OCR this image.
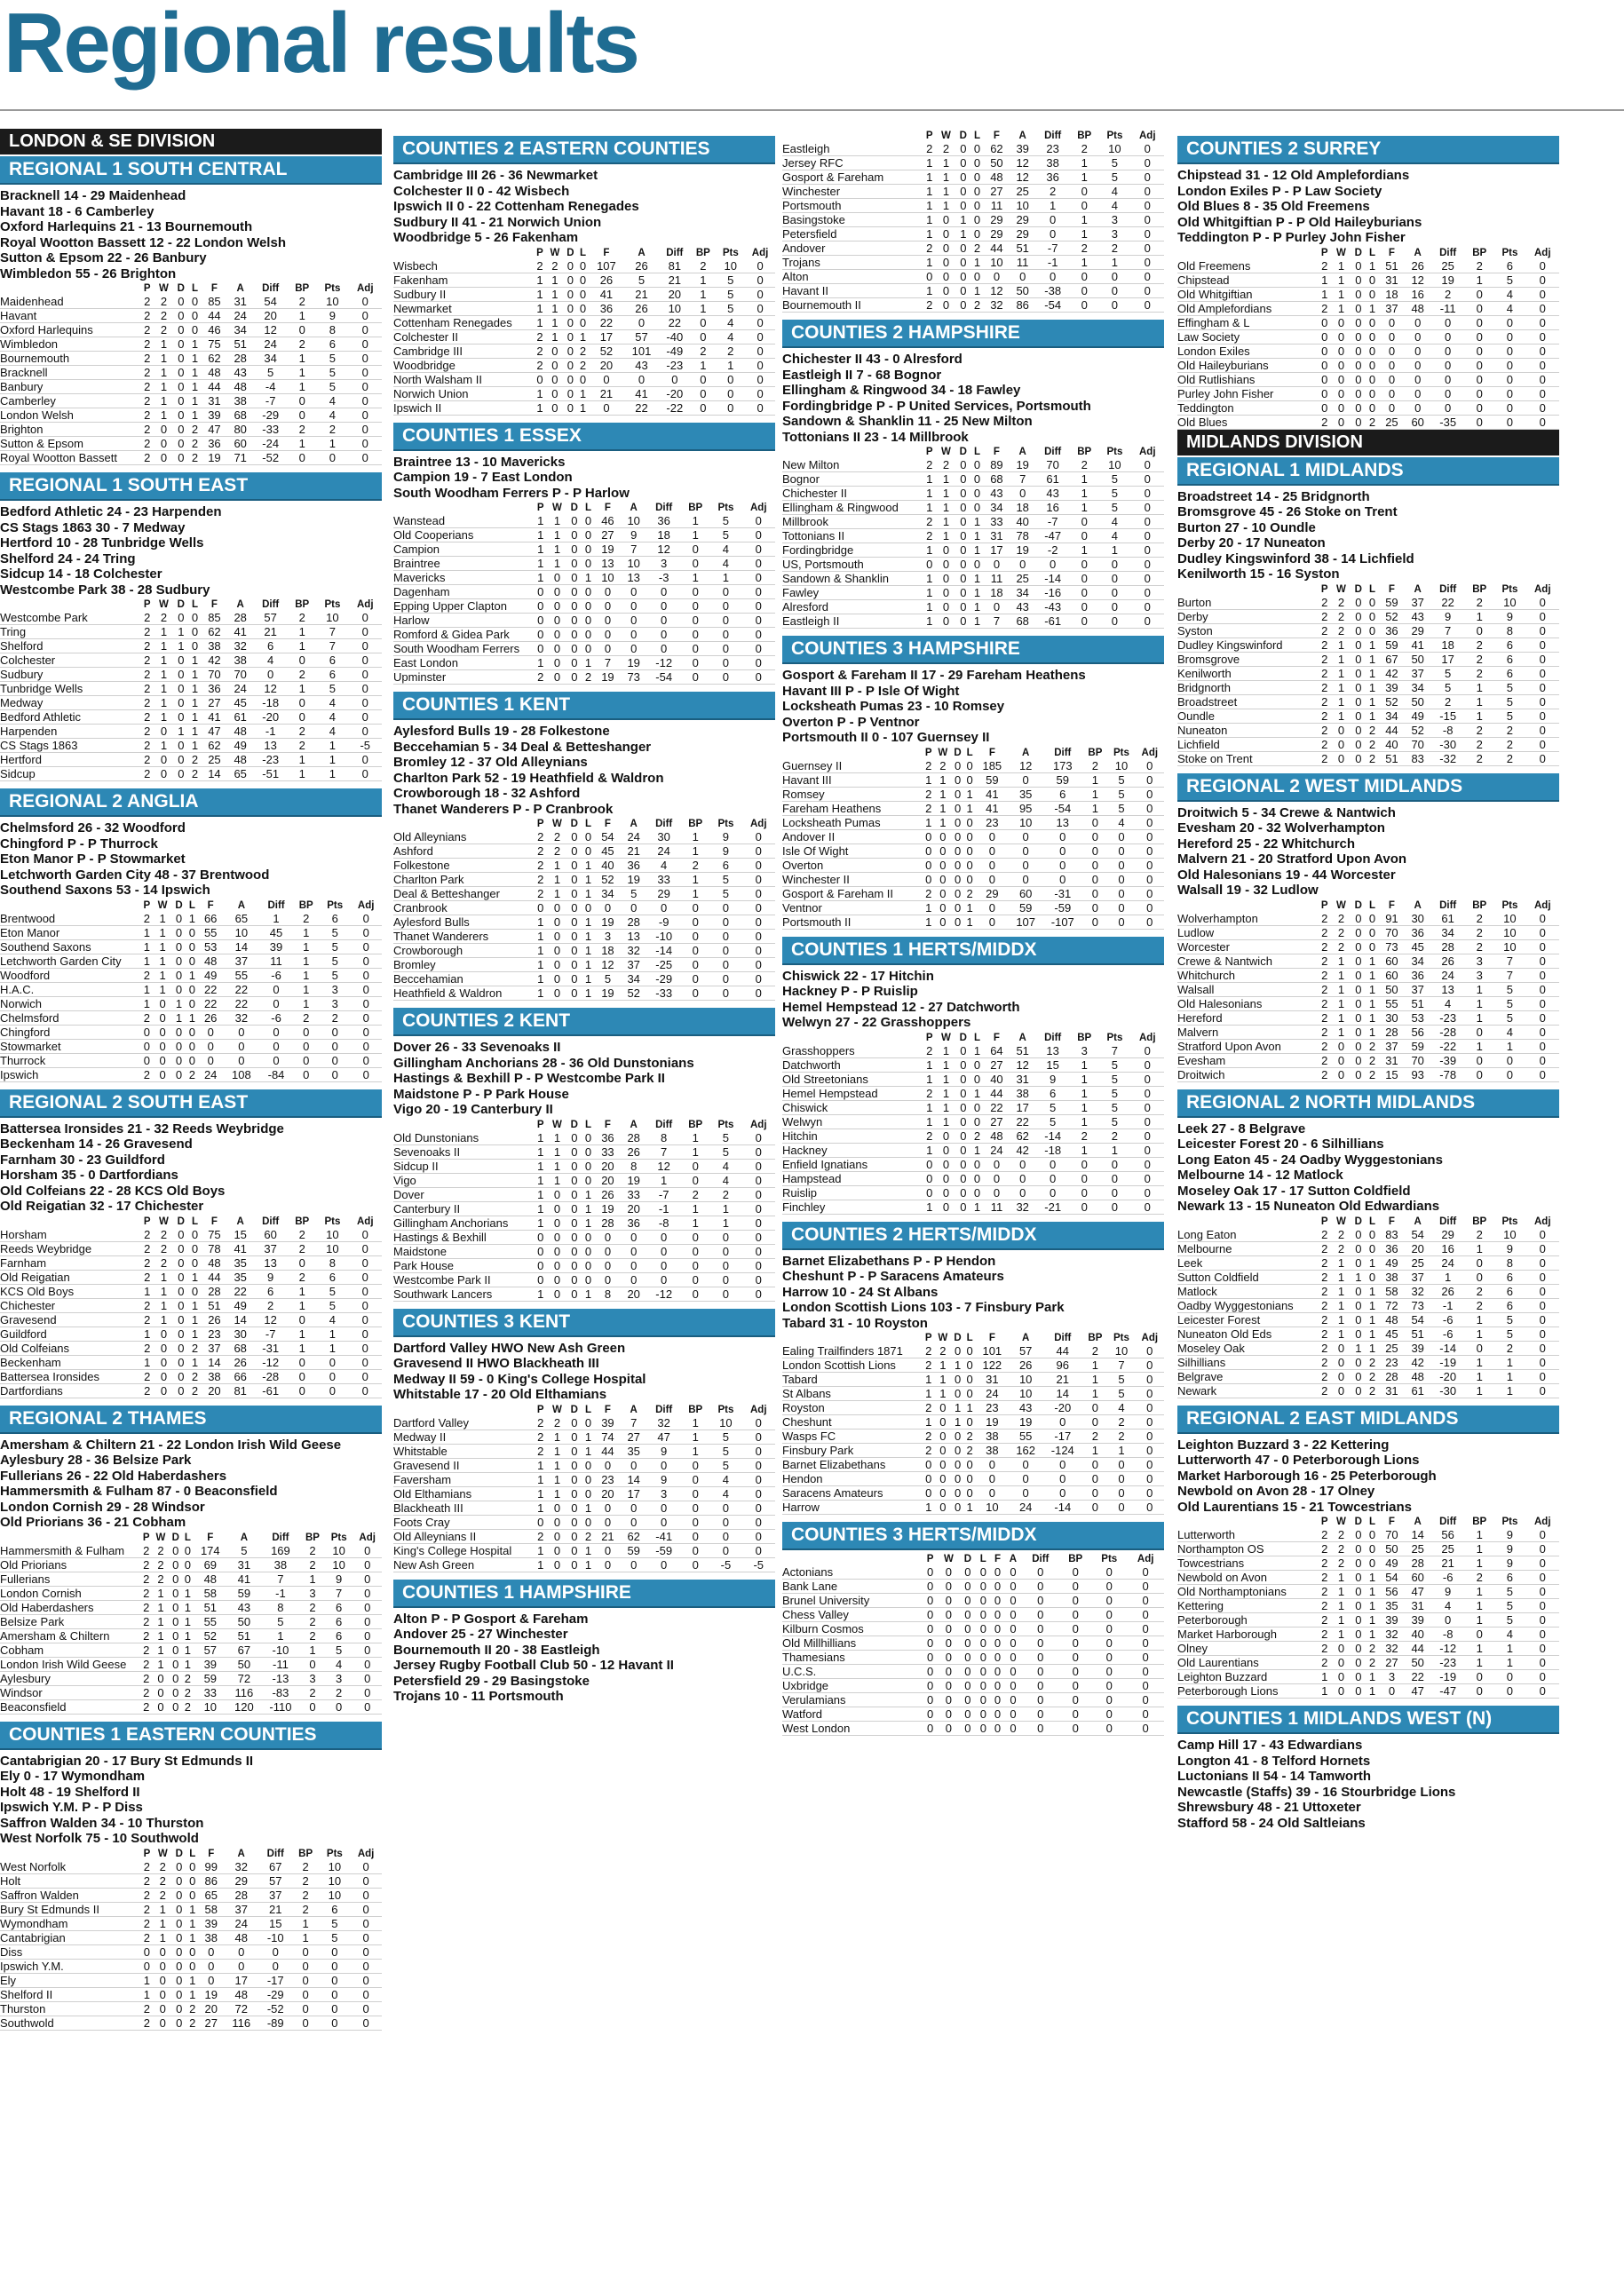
Regional results
LONDON & SE DIVISION
REGIONAL 1 SOUTH CENTRAL
Bracknell 14 - 29 Maidenhead
Havant 18 - 6 Camberley
Oxford Harlequins 21 - 13 Bournemouth
Royal Wootton Bassett 12 - 22 London Welsh
Sutton & Epsom 22 - 26 Banbury
Wimbledon 55 - 26 Brighton
	P	W	D	L	F	A	Diff	BP	Pts	Adj
Maidenhead	2	2	0	0	85	31	54	2	10	0
Havant	2	2	0	0	44	24	20	1	9	0
Oxford Harlequins	2	2	0	0	46	34	12	0	8	0
Wimbledon	2	1	0	1	75	51	24	2	6	0
Bournemouth	2	1	0	1	62	28	34	1	5	0
Bracknell	2	1	0	1	48	43	5	1	5	0
Banbury	2	1	0	1	44	48	-4	1	5	0
Camberley	2	1	0	1	31	38	-7	0	4	0
London Welsh	2	1	0	1	39	68	-29	0	4	0
Brighton	2	0	0	2	47	80	-33	2	2	0
Sutton & Epsom	2	0	0	2	36	60	-24	1	1	0
Royal Wootton Bassett	2	0	0	2	19	71	-52	0	0	0
REGIONAL 1 SOUTH EAST
Bedford Athletic 24 - 23 Harpenden
CS Stags 1863 30 - 7 Medway
Hertford 10 - 28 Tunbridge Wells
Shelford 24 - 24 Tring
Sidcup 14 - 18 Colchester
Westcombe Park 38 - 28 Sudbury
	P	W	D	L	F	A	Diff	BP	Pts	Adj
Westcombe Park	2	2	0	0	85	28	57	2	10	0
Tring	2	1	1	0	62	41	21	1	7	0
Shelford	2	1	1	0	38	32	6	1	7	0
Colchester	2	1	0	1	42	38	4	0	6	0
Sudbury	2	1	0	1	70	70	0	2	6	0
Tunbridge Wells	2	1	0	1	36	24	12	1	5	0
Medway	2	1	0	1	27	45	-18	0	4	0
Bedford Athletic	2	1	0	1	41	61	-20	0	4	0
Harpenden	2	0	1	1	47	48	-1	2	4	0
CS Stags 1863	2	1	0	1	62	49	13	2	1	-5
Hertford	2	0	0	2	25	48	-23	1	1	0
Sidcup	2	0	0	2	14	65	-51	1	1	0
REGIONAL 2 ANGLIA
Chelmsford 26 - 32 Woodford
Chingford P - P Thurrock
Eton Manor P - P Stowmarket
Letchworth Garden City 48 - 37 Brentwood
Southend Saxons 53 - 14 Ipswich
	P	W	D	L	F	A	Diff	BP	Pts	Adj
Brentwood	2	1	0	1	66	65	1	2	6	0
Eton Manor	1	1	0	0	55	10	45	1	5	0
Southend Saxons	1	1	0	0	53	14	39	1	5	0
Letchworth Garden City	1	1	0	0	48	37	11	1	5	0
Woodford	2	1	0	1	49	55	-6	1	5	0
H.A.C.	1	1	0	0	22	22	0	1	3	0
Norwich	1	0	1	0	22	22	0	1	3	0
Chelmsford	2	0	1	1	26	32	-6	2	2	0
Chingford	0	0	0	0	0	0	0	0	0	0
Stowmarket	0	0	0	0	0	0	0	0	0	0
Thurrock	0	0	0	0	0	0	0	0	0	0
Ipswich	2	0	0	2	24	108	-84	0	0	0
REGIONAL 2 SOUTH EAST
Battersea Ironsides 21 - 32 Reeds Weybridge
Beckenham 14 - 26 Gravesend
Farnham 30 - 23 Guildford
Horsham 35 - 0 Dartfordians
Old Colfeians 22 - 28 KCS Old Boys
Old Reigatian 32 - 17 Chichester
	P	W	D	L	F	A	Diff	BP	Pts	Adj
Horsham	2	2	0	0	75	15	60	2	10	0
Reeds Weybridge	2	2	0	0	78	41	37	2	10	0
Farnham	2	2	0	0	48	35	13	0	8	0
Old Reigatian	2	1	0	1	44	35	9	2	6	0
KCS Old Boys	1	1	0	0	28	22	6	1	5	0
Chichester	2	1	0	1	51	49	2	1	5	0
Gravesend	2	1	0	1	26	14	12	0	4	0
Guildford	1	0	0	1	23	30	-7	1	1	0
Old Colfeians	2	0	0	2	37	68	-31	1	1	0
Beckenham	1	0	0	1	14	26	-12	0	0	0
Battersea Ironsides	2	0	0	2	38	66	-28	0	0	0
Dartfordians	2	0	0	2	20	81	-61	0	0	0
REGIONAL 2 THAMES
Amersham & Chiltern 21 - 22 London Irish Wild Geese
Aylesbury 28 - 36 Belsize Park
Fullerians 26 - 22 Old Haberdashers
Hammersmith & Fulham 87 - 0 Beaconsfield
London Cornish 29 - 28 Windsor
Old Priorians 36 - 21 Cobham
	P	W	D	L	F	A	Diff	BP	Pts	Adj
Hammersmith & Fulham	2	2	0	0	174	5	169	2	10	0
Old Priorians	2	2	0	0	69	31	38	2	10	0
Fullerians	2	2	0	0	48	41	7	1	9	0
London Cornish	2	1	0	1	58	59	-1	3	7	0
Old Haberdashers	2	1	0	1	51	43	8	2	6	0
Belsize Park	2	1	0	1	55	50	5	2	6	0
Amersham & Chiltern	2	1	0	1	52	51	1	2	6	0
Cobham	2	1	0	1	57	67	-10	1	5	0
London Irish Wild Geese	2	1	0	1	39	50	-11	0	4	0
Aylesbury	2	0	0	2	59	72	-13	3	3	0
Windsor	2	0	0	2	33	116	-83	2	2	0
Beaconsfield	2	0	0	2	10	120	-110	0	0	0
COUNTIES 1 EASTERN COUNTIES
Cantabrigian 20 - 17 Bury St Edmunds II
Ely 0 - 17 Wymondham
Holt 48 - 19 Shelford II
Ipswich Y.M. P - P Diss
Saffron Walden 34 - 10 Thurston
West Norfolk 75 - 10 Southwold
	P	W	D	L	F	A	Diff	BP	Pts	Adj
West Norfolk	2	2	0	0	99	32	67	2	10	0
Holt	2	2	0	0	86	29	57	2	10	0
Saffron Walden	2	2	0	0	65	28	37	2	10	0
Bury St Edmunds II	2	1	0	1	58	37	21	2	6	0
Wymondham	2	1	0	1	39	24	15	1	5	0
Cantabrigian	2	1	0	1	38	48	-10	1	5	0
Diss	0	0	0	0	0	0	0	0	0	0
Ipswich Y.M.	0	0	0	0	0	0	0	0	0	0
Ely	1	0	0	1	0	17	-17	0	0	0
Shelford II	1	0	0	1	19	48	-29	0	0	0
Thurston	2	0	0	2	20	72	-52	0	0	0
Southwold	2	0	0	2	27	116	-89	0	0	0
COUNTIES 2 EASTERN COUNTIES
Cambridge III 26 - 36 Newmarket
Colchester II 0 - 42 Wisbech
Ipswich II 0 - 22 Cottenham Renegades
Sudbury II 41 - 21 Norwich Union
Woodbridge 5 - 26 Fakenham
	P	W	D	L	F	A	Diff	BP	Pts	Adj
Wisbech	2	2	0	0	107	26	81	2	10	0
Fakenham	1	1	0	0	26	5	21	1	5	0
Sudbury II	1	1	0	0	41	21	20	1	5	0
Newmarket	1	1	0	0	36	26	10	1	5	0
Cottenham Renegades	1	1	0	0	22	0	22	0	4	0
Colchester II	2	1	0	1	17	57	-40	0	4	0
Cambridge III	2	0	0	2	52	101	-49	2	2	0
Woodbridge	2	0	0	2	20	43	-23	1	1	0
North Walsham II	0	0	0	0	0	0	0	0	0	0
Norwich Union	1	0	0	1	21	41	-20	0	0	0
Ipswich II	1	0	0	1	0	22	-22	0	0	0
COUNTIES 1 ESSEX
Braintree 13 - 10 Mavericks
Campion 19 - 7 East London
South Woodham Ferrers P - P Harlow
	P	W	D	L	F	A	Diff	BP	Pts	Adj
Wanstead	1	1	0	0	46	10	36	1	5	0
Old Cooperians	1	1	0	0	27	9	18	1	5	0
Campion	1	1	0	0	19	7	12	0	4	0
Braintree	1	1	0	0	13	10	3	0	4	0
Mavericks	1	0	0	1	10	13	-3	1	1	0
Dagenham	0	0	0	0	0	0	0	0	0	0
Epping Upper Clapton	0	0	0	0	0	0	0	0	0	0
Harlow	0	0	0	0	0	0	0	0	0	0
Romford & Gidea Park	0	0	0	0	0	0	0	0	0	0
South Woodham Ferrers	0	0	0	0	0	0	0	0	0	0
East London	1	0	0	1	7	19	-12	0	0	0
Upminster	2	0	0	2	19	73	-54	0	0	0
COUNTIES 1 KENT
Aylesford Bulls 19 - 28 Folkestone
Beccehamian 5 - 34 Deal & Betteshanger
Bromley 12 - 37 Old Alleynians
Charlton Park 52 - 19 Heathfield & Waldron
Crowborough 18 - 32 Ashford
Thanet Wanderers P - P Cranbrook
	P	W	D	L	F	A	Diff	BP	Pts	Adj
Old Alleynians	2	2	0	0	54	24	30	1	9	0
Ashford	2	2	0	0	45	21	24	1	9	0
Folkestone	2	1	0	1	40	36	4	2	6	0
Charlton Park	2	1	0	1	52	19	33	1	5	0
Deal & Betteshanger	2	1	0	1	34	5	29	1	5	0
Cranbrook	0	0	0	0	0	0	0	0	0	0
Aylesford Bulls	1	0	0	1	19	28	-9	0	0	0
Thanet Wanderers	1	0	0	1	3	13	-10	0	0	0
Crowborough	1	0	0	1	18	32	-14	0	0	0
Bromley	1	0	0	1	12	37	-25	0	0	0
Beccehamian	1	0	0	1	5	34	-29	0	0	0
Heathfield & Waldron	1	0	0	1	19	52	-33	0	0	0
COUNTIES 2 KENT
Dover 26 - 33 Sevenoaks II
Gillingham Anchorians 28 - 36 Old Dunstonians
Hastings & Bexhill P - P Westcombe Park II
Maidstone P - P Park House
Vigo 20 - 19 Canterbury II
	P	W	D	L	F	A	Diff	BP	Pts	Adj
Old Dunstonians	1	1	0	0	36	28	8	1	5	0
Sevenoaks II	1	1	0	0	33	26	7	1	5	0
Sidcup II	1	1	0	0	20	8	12	0	4	0
Vigo	1	1	0	0	20	19	1	0	4	0
Dover	1	0	0	1	26	33	-7	2	2	0
Canterbury II	1	0	0	1	19	20	-1	1	1	0
Gillingham Anchorians	1	0	0	1	28	36	-8	1	1	0
Hastings & Bexhill	0	0	0	0	0	0	0	0	0	0
Maidstone	0	0	0	0	0	0	0	0	0	0
Park House	0	0	0	0	0	0	0	0	0	0
Westcombe Park II	0	0	0	0	0	0	0	0	0	0
Southwark Lancers	1	0	0	1	8	20	-12	0	0	0
COUNTIES 3 KENT
Dartford Valley HWO New Ash Green
Gravesend II HWO Blackheath III
Medway II 59 - 0 King's College Hospital
Whitstable 17 - 20 Old Elthamians
	P	W	D	L	F	A	Diff	BP	Pts	Adj
Dartford Valley	2	2	0	0	39	7	32	1	10	0
Medway II	2	1	0	1	74	27	47	1	5	0
Whitstable	2	1	0	1	44	35	9	1	5	0
Gravesend II	1	1	0	0	0	0	0	0	5	0
Faversham	1	1	0	0	23	14	9	0	4	0
Old Elthamians	1	1	0	0	20	17	3	0	4	0
Blackheath III	1	0	0	1	0	0	0	0	0	0
Foots Cray	0	0	0	0	0	0	0	0	0	0
Old Alleynians II	2	0	0	2	21	62	-41	0	0	0
King's College Hospital	1	0	0	1	0	59	-59	0	0	0
New Ash Green	1	0	0	1	0	0	0	0	-5	-5
COUNTIES 1 HAMPSHIRE
Alton P - P Gosport & Fareham
Andover 25 - 27 Winchester
Bournemouth II 20 - 38 Eastleigh
Jersey Rugby Football Club 50 - 12 Havant II
Petersfield 29 - 29 Basingstoke
Trojans 10 - 11 Portsmouth
	P	W	D	L	F	A	Diff	BP	Pts	Adj
Eastleigh	2	2	0	0	62	39	23	2	10	0
Jersey RFC	1	1	0	0	50	12	38	1	5	0
Gosport & Fareham	1	1	0	0	48	12	36	1	5	0
Winchester	1	1	0	0	27	25	2	0	4	0
Portsmouth	1	1	0	0	11	10	1	0	4	0
Basingstoke	1	0	1	0	29	29	0	1	3	0
Petersfield	1	0	1	0	29	29	0	1	3	0
Andover	2	0	0	2	44	51	-7	2	2	0
Trojans	1	0	0	1	10	11	-1	1	1	0
Alton	0	0	0	0	0	0	0	0	0	0
Havant II	1	0	0	1	12	50	-38	0	0	0
Bournemouth II	2	0	0	2	32	86	-54	0	0	0
COUNTIES 2 HAMPSHIRE
Chichester II 43 - 0 Alresford
Eastleigh II 7 - 68 Bognor
Ellingham & Ringwood 34 - 18 Fawley
Fordingbridge P - P United Services, Portsmouth
Sandown & Shanklin 11 - 25 New Milton
Tottonians II 23 - 14 Millbrook
	P	W	D	L	F	A	Diff	BP	Pts	Adj
New Milton	2	2	0	0	89	19	70	2	10	0
Bognor	1	1	0	0	68	7	61	1	5	0
Chichester II	1	1	0	0	43	0	43	1	5	0
Ellingham & Ringwood	1	1	0	0	34	18	16	1	5	0
Millbrook	2	1	0	1	33	40	-7	0	4	0
Tottonians II	2	1	0	1	31	78	-47	0	4	0
Fordingbridge	1	0	0	1	17	19	-2	1	1	0
US, Portsmouth	0	0	0	0	0	0	0	0	0	0
Sandown & Shanklin	1	0	0	1	11	25	-14	0	0	0
Fawley	1	0	0	1	18	34	-16	0	0	0
Alresford	1	0	0	1	0	43	-43	0	0	0
Eastleigh II	1	0	0	1	7	68	-61	0	0	0
COUNTIES 3 HAMPSHIRE
Gosport & Fareham II 17 - 29 Fareham Heathens
Havant III P - P Isle Of Wight
Locksheath Pumas 23 - 10 Romsey
Overton P - P Ventnor
Portsmouth II 0 - 107 Guernsey II
	P	W	D	L	F	A	Diff	BP	Pts	Adj
Guernsey II	2	2	0	0	185	12	173	2	10	0
Havant III	1	1	0	0	59	0	59	1	5	0
Romsey	2	1	0	1	41	35	6	1	5	0
Fareham Heathens	2	1	0	1	41	95	-54	1	5	0
Locksheath Pumas	1	1	0	0	23	10	13	0	4	0
Andover II	0	0	0	0	0	0	0	0	0	0
Isle Of Wight	0	0	0	0	0	0	0	0	0	0
Overton	0	0	0	0	0	0	0	0	0	0
Winchester II	0	0	0	0	0	0	0	0	0	0
Gosport & Fareham II	2	0	0	2	29	60	-31	0	0	0
Ventnor	1	0	0	1	0	59	-59	0	0	0
Portsmouth II	1	0	0	1	0	107	-107	0	0	0
COUNTIES 1 HERTS/MIDDX
Chiswick 22 - 17 Hitchin
Hackney P - P Ruislip
Hemel Hempstead 12 - 27 Datchworth
Welwyn 27 - 22 Grasshoppers
	P	W	D	L	F	A	Diff	BP	Pts	Adj
Grasshoppers	2	1	0	1	64	51	13	3	7	0
Datchworth	1	1	0	0	27	12	15	1	5	0
Old Streetonians	1	1	0	0	40	31	9	1	5	0
Hemel Hempstead	2	1	0	1	44	38	6	1	5	0
Chiswick	1	1	0	0	22	17	5	1	5	0
Welwyn	1	1	0	0	27	22	5	1	5	0
Hitchin	2	0	0	2	48	62	-14	2	2	0
Hackney	1	0	0	1	24	42	-18	1	1	0
Enfield Ignatians	0	0	0	0	0	0	0	0	0	0
Hampstead	0	0	0	0	0	0	0	0	0	0
Ruislip	0	0	0	0	0	0	0	0	0	0
Finchley	1	0	0	1	11	32	-21	0	0	0
COUNTIES 2 HERTS/MIDDX
Barnet Elizabethans P - P Hendon
Cheshunt P - P Saracens Amateurs
Harrow 10 - 24 St Albans
London Scottish Lions 103 - 7 Finsbury Park
Tabard 31 - 10 Royston
	P	W	D	L	F	A	Diff	BP	Pts	Adj
Ealing Trailfinders 1871	2	2	0	0	101	57	44	2	10	0
London Scottish Lions	2	1	1	0	122	26	96	1	7	0
Tabard	1	1	0	0	31	10	21	1	5	0
St Albans	1	1	0	0	24	10	14	1	5	0
Royston	2	0	1	1	23	43	-20	0	4	0
Cheshunt	1	0	1	0	19	19	0	0	2	0
Wasps FC	2	0	0	2	38	55	-17	2	2	0
Finsbury Park	2	0	0	2	38	162	-124	1	1	0
Barnet Elizabethans	0	0	0	0	0	0	0	0	0	0
Hendon	0	0	0	0	0	0	0	0	0	0
Saracens Amateurs	0	0	0	0	0	0	0	0	0	0
Harrow	1	0	0	1	10	24	-14	0	0	0
COUNTIES 3 HERTS/MIDDX
	P	W	D	L	F	A	Diff	BP	Pts	Adj
Actonians	0	0	0	0	0	0	0	0	0	0
Bank Lane	0	0	0	0	0	0	0	0	0	0
Brunel University	0	0	0	0	0	0	0	0	0	0
Chess Valley	0	0	0	0	0	0	0	0	0	0
Kilburn Cosmos	0	0	0	0	0	0	0	0	0	0
Old Millhillians	0	0	0	0	0	0	0	0	0	0
Thamesians	0	0	0	0	0	0	0	0	0	0
U.C.S.	0	0	0	0	0	0	0	0	0	0
Uxbridge	0	0	0	0	0	0	0	0	0	0
Verulamians	0	0	0	0	0	0	0	0	0	0
Watford	0	0	0	0	0	0	0	0	0	0
West London	0	0	0	0	0	0	0	0	0	0
COUNTIES 2 SURREY
Chipstead 31 - 12 Old Amplefordians
London Exiles P - P Law Society
Old Blues 8 - 35 Old Freemens
Old Whitgiftian P - P Old Haileyburians
Teddington P - P Purley John Fisher
	P	W	D	L	F	A	Diff	BP	Pts	Adj
Old Freemens	2	1	0	1	51	26	25	2	6	0
Chipstead	1	1	0	0	31	12	19	1	5	0
Old Whitgiftian	1	1	0	0	18	16	2	0	4	0
Old Amplefordians	2	1	0	1	37	48	-11	0	4	0
Effingham & L	0	0	0	0	0	0	0	0	0	0
Law Society	0	0	0	0	0	0	0	0	0	0
London Exiles	0	0	0	0	0	0	0	0	0	0
Old Haileyburians	0	0	0	0	0	0	0	0	0	0
Old Rutlishians	0	0	0	0	0	0	0	0	0	0
Purley John Fisher	0	0	0	0	0	0	0	0	0	0
Teddington	0	0	0	0	0	0	0	0	0	0
Old Blues	2	0	0	2	25	60	-35	0	0	0
MIDLANDS DIVISION
REGIONAL 1 MIDLANDS
Broadstreet 14 - 25 Bridgnorth
Bromsgrove 45 - 26 Stoke on Trent
Burton 27 - 10 Oundle
Derby 20 - 17 Nuneaton
Dudley Kingswinford 38 - 14 Lichfield
Kenilworth 15 - 16 Syston
	P	W	D	L	F	A	Diff	BP	Pts	Adj
Burton	2	2	0	0	59	37	22	2	10	0
Derby	2	2	0	0	52	43	9	1	9	0
Syston	2	2	0	0	36	29	7	0	8	0
Dudley Kingswinford	2	1	0	1	59	41	18	2	6	0
Bromsgrove	2	1	0	1	67	50	17	2	6	0
Kenilworth	2	1	0	1	42	37	5	2	6	0
Bridgnorth	2	1	0	1	39	34	5	1	5	0
Broadstreet	2	1	0	1	52	50	2	1	5	0
Oundle	2	1	0	1	34	49	-15	1	5	0
Nuneaton	2	0	0	2	44	52	-8	2	2	0
Lichfield	2	0	0	2	40	70	-30	2	2	0
Stoke on Trent	2	0	0	2	51	83	-32	2	2	0
REGIONAL 2 WEST MIDLANDS
Droitwich 5 - 34 Crewe & Nantwich
Evesham 20 - 32 Wolverhampton
Hereford 25 - 22 Whitchurch
Malvern 21 - 20 Stratford Upon Avon
Old Halesonians 19 - 44 Worcester
Walsall 19 - 32 Ludlow
	P	W	D	L	F	A	Diff	BP	Pts	Adj
Wolverhampton	2	2	0	0	91	30	61	2	10	0
Ludlow	2	2	0	0	70	36	34	2	10	0
Worcester	2	2	0	0	73	45	28	2	10	0
Crewe & Nantwich	2	1	0	1	60	34	26	3	7	0
Whitchurch	2	1	0	1	60	36	24	3	7	0
Walsall	2	1	0	1	50	37	13	1	5	0
Old Halesonians	2	1	0	1	55	51	4	1	5	0
Hereford	2	1	0	1	30	53	-23	1	5	0
Malvern	2	1	0	1	28	56	-28	0	4	0
Stratford Upon Avon	2	0	0	2	37	59	-22	1	1	0
Evesham	2	0	0	2	31	70	-39	0	0	0
Droitwich	2	0	0	2	15	93	-78	0	0	0
REGIONAL 2 NORTH MIDLANDS
Leek 27 - 8 Belgrave
Leicester Forest 20 - 6 Silhillians
Long Eaton 45 - 24 Oadby Wyggestonians
Melbourne 14 - 12 Matlock
Moseley Oak 17 - 17 Sutton Coldfield
Newark 13 - 15 Nuneaton Old Edwardians
	P	W	D	L	F	A	Diff	BP	Pts	Adj
Long Eaton	2	2	0	0	83	54	29	2	10	0
Melbourne	2	2	0	0	36	20	16	1	9	0
Leek	2	1	0	1	49	25	24	0	8	0
Sutton Coldfield	2	1	1	0	38	37	1	0	6	0
Matlock	2	1	0	1	58	32	26	2	6	0
Oadby Wyggestonians	2	1	0	1	72	73	-1	2	6	0
Leicester Forest	2	1	0	1	48	54	-6	1	5	0
Nuneaton Old Eds	2	1	0	1	45	51	-6	1	5	0
Moseley Oak	2	0	1	1	25	39	-14	0	2	0
Silhillians	2	0	0	2	23	42	-19	1	1	0
Belgrave	2	0	0	2	28	48	-20	1	1	0
Newark	2	0	0	2	31	61	-30	1	1	0
REGIONAL 2 EAST MIDLANDS
Leighton Buzzard 3 - 22 Kettering
Lutterworth 47 - 0 Peterborough Lions
Market Harborough 16 - 25 Peterborough
Newbold on Avon 28 - 17 Olney
Old Laurentians 15 - 21 Towcestrians
	P	W	D	L	F	A	Diff	BP	Pts	Adj
Lutterworth	2	2	0	0	70	14	56	1	9	0
Northampton OS	2	2	0	0	50	25	25	1	9	0
Towcestrians	2	2	0	0	49	28	21	1	9	0
Newbold on Avon	2	1	0	1	54	60	-6	2	6	0
Old Northamptonians	2	1	0	1	56	47	9	1	5	0
Kettering	2	1	0	1	35	31	4	1	5	0
Peterborough	2	1	0	1	39	39	0	1	5	0
Market Harborough	2	1	0	1	32	40	-8	0	4	0
Olney	2	0	0	2	32	44	-12	1	1	0
Old Laurentians	2	0	0	2	27	50	-23	1	1	0
Leighton Buzzard	1	0	0	1	3	22	-19	0	0	0
Peterborough Lions	1	0	0	1	0	47	-47	0	0	0
COUNTIES 1 MIDLANDS WEST (N)
Camp Hill 17 - 43 Edwardians
Longton 41 - 8 Telford Hornets
Luctonians II 54 - 14 Tamworth
Newcastle (Staffs) 39 - 16 Stourbridge Lions
Shrewsbury 48 - 21 Uttoxeter
Stafford 58 - 24 Old Saltleians
